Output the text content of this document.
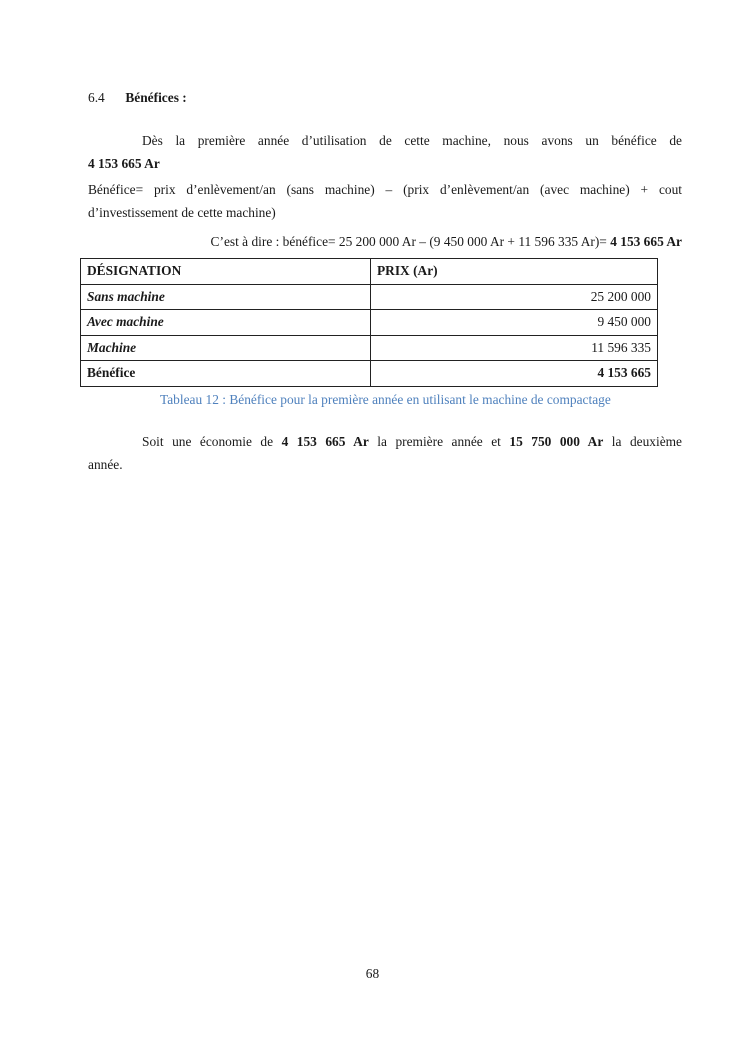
6.4 Bénéfices :
Dès la première année d’utilisation de cette machine, nous avons un bénéfice de
4 153 665 Ar
Bénéfice= prix d’enlèvement/an (sans machine) – (prix d’enlèvement/an (avec machine) + cout
d’investissement de cette machine)
C’est à dire : bénéfice= 25 200 000 Ar – (9 450 000 Ar + 11 596 335 Ar)= 4 153 665 Ar
DÉSIGNATION	PRIX (Ar)
Sans machine	25 200 000
Avec machine	9 450 000
Machine	11 596 335
Bénéfice	4 153 665
Tableau 12 : Bénéfice pour la première année en utilisant le machine de compactage
Soit une économie de 4 153 665 Ar la première année et 15 750 000 Ar la deuxième
année.
68
